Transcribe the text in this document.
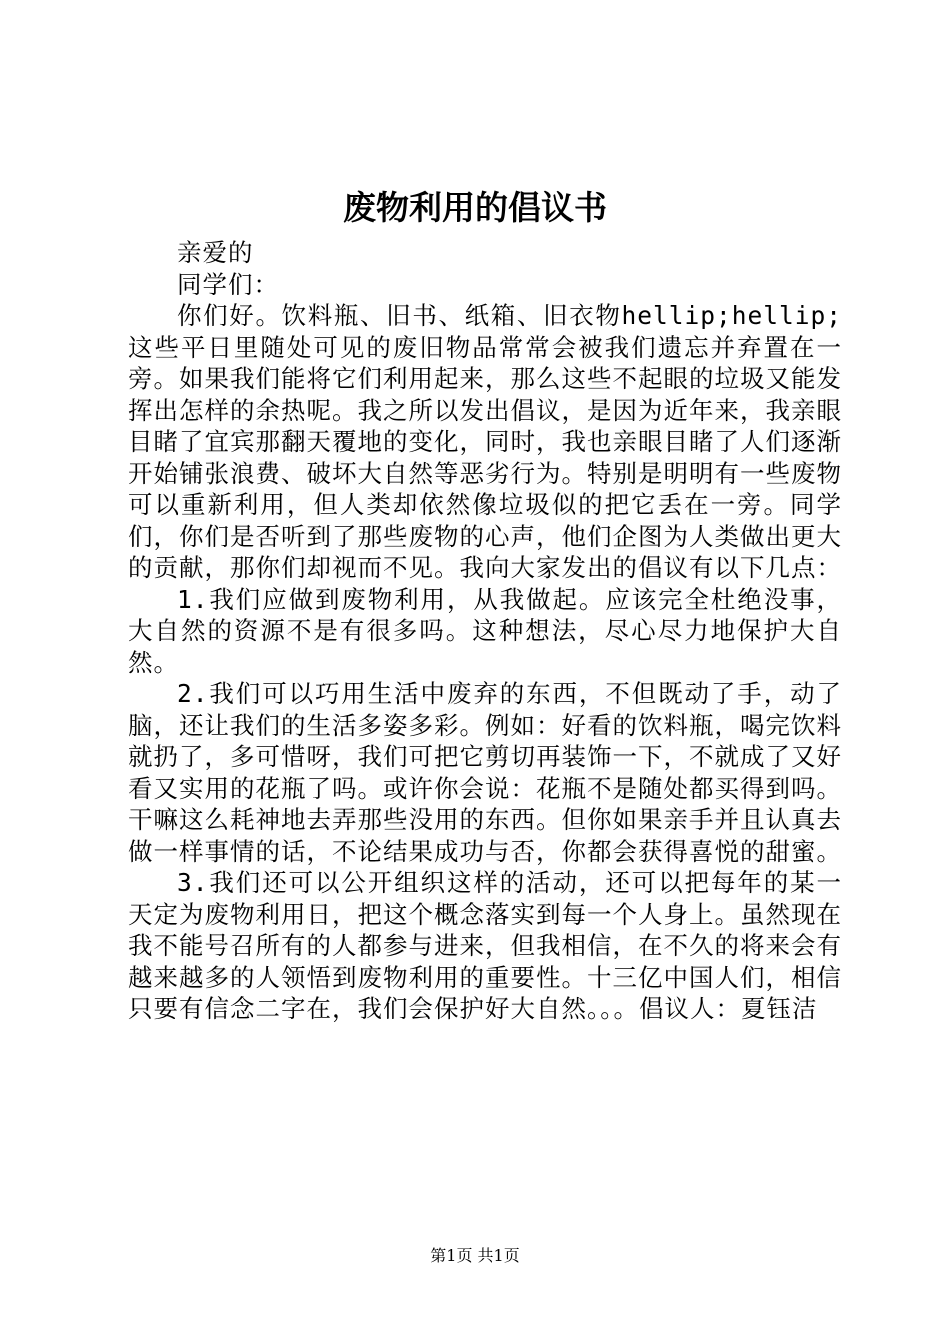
废物利用的倡议书

亲爱的

同学们：

你们好。饮料瓶、旧书、纸箱、旧衣物hellip;hellip;这些平日里随处可见的废旧物品常常会被我们遗忘并弃置在一旁。如果我们能将它们利用起来，那么这些不起眼的垃圾又能发挥出怎样的余热呢。我之所以发出倡议，是因为近年来，我亲眼目睹了宜宾那翻天覆地的变化，同时，我也亲眼目睹了人们逐渐开始铺张浪费、破坏大自然等恶劣行为。特别是明明有一些废物可以重新利用，但人类却依然像垃圾似的把它丢在一旁。同学们，你们是否听到了那些废物的心声，他们企图为人类做出更大的贡献，那你们却视而不见。我向大家发出的倡议有以下几点：

1.我们应做到废物利用，从我做起。应该完全杜绝没事，大自然的资源不是有很多吗。这种想法，尽心尽力地保护大自然。

2.我们可以巧用生活中废弃的东西，不但既动了手，动了脑，还让我们的生活多姿多彩。例如：好看的饮料瓶，喝完饮料就扔了，多可惜呀，我们可把它剪切再装饰一下，不就成了又好看又实用的花瓶了吗。或许你会说：花瓶不是随处都买得到吗。干嘛这么耗神地去弄那些没用的东西。但你如果亲手并且认真去做一样事情的话，不论结果成功与否，你都会获得喜悦的甜蜜。

3.我们还可以公开组织这样的活动，还可以把每年的某一天定为废物利用日，把这个概念落实到每一个人身上。虽然现在我不能号召所有的人都参与进来，但我相信，在不久的将来会有越来越多的人领悟到废物利用的重要性。十三亿中国人们，相信只要有信念二字在，我们会保护好大自然。。。倡议人：夏钰洁

第1页 共1页
